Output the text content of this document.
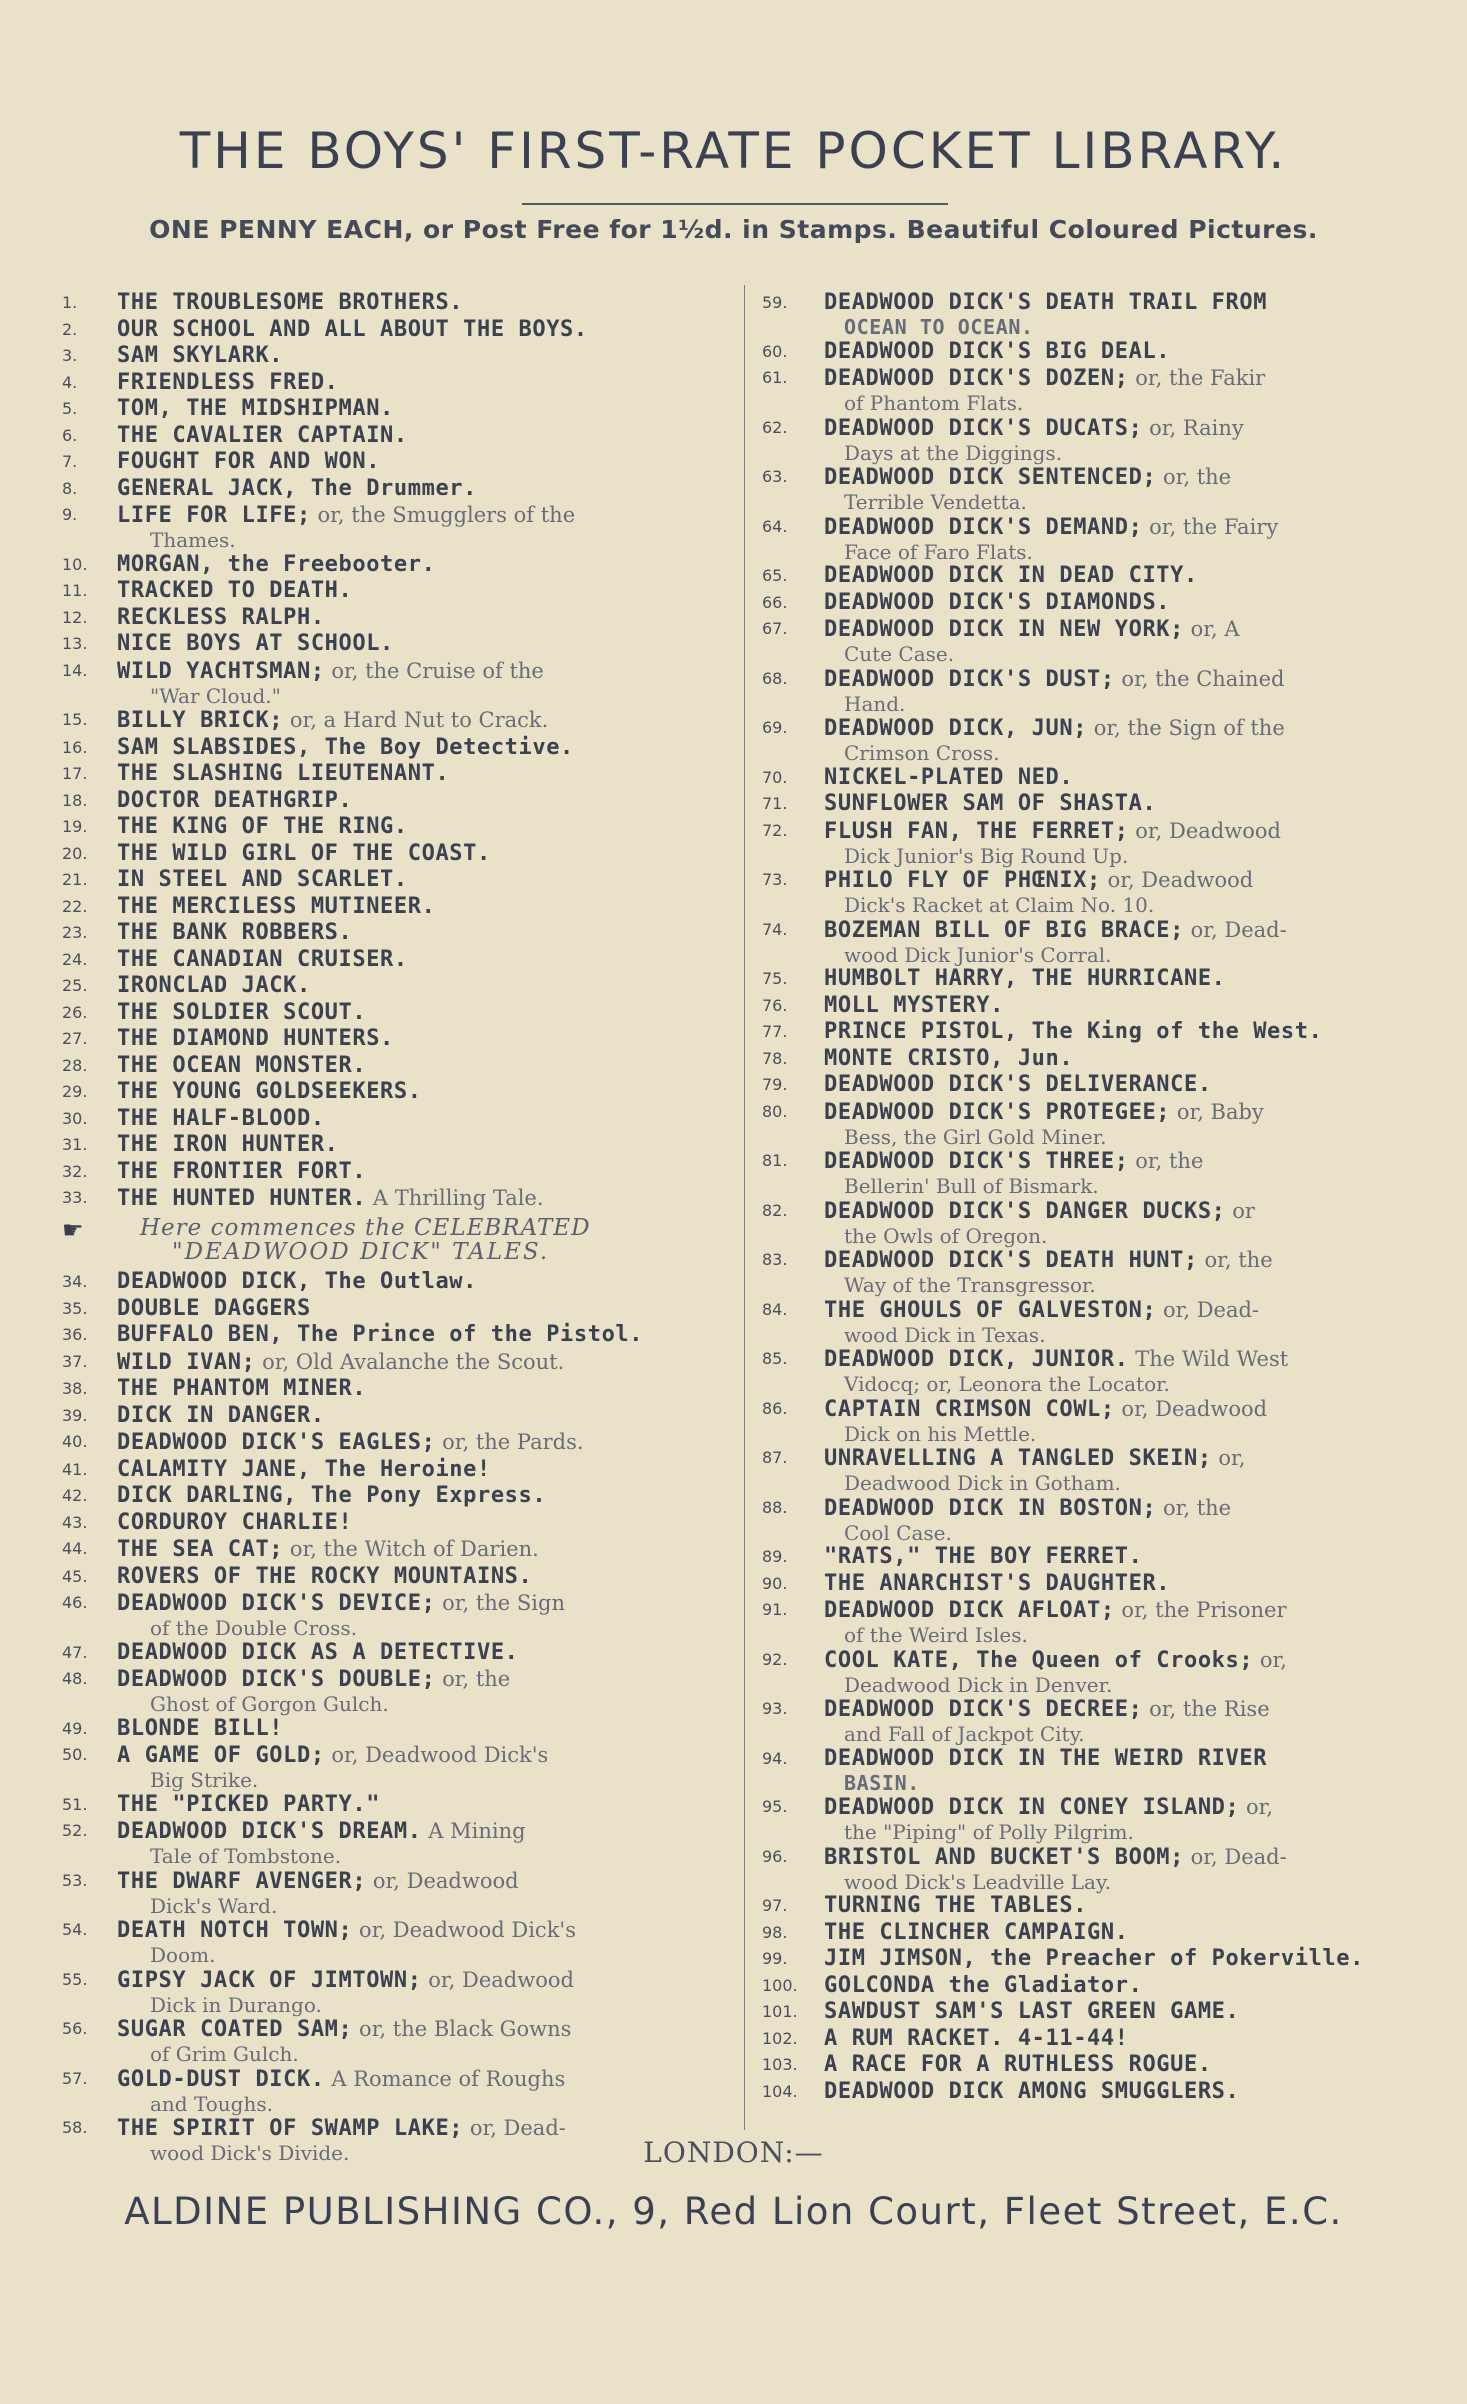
THE BOYS' FIRST-RATE POCKET LIBRARY.
ONE PENNY EACH, or Post Free for 1½d. in Stamps. Beautiful Coloured Pictures.
1. THE TROUBLESOME BROTHERS.
2. OUR SCHOOL AND ALL ABOUT THE BOYS.
3. SAM SKYLARK.
4. FRIENDLESS FRED.
5. TOM, THE MIDSHIPMAN.
6. THE CAVALIER CAPTAIN.
7. FOUGHT FOR AND WON.
8. GENERAL JACK, The Drummer.
9. LIFE FOR LIFE; or, the Smugglers of the
Thames.
10. MORGAN, the Freebooter.
11. TRACKED TO DEATH.
12. RECKLESS RALPH.
13. NICE BOYS AT SCHOOL.
14. WILD YACHTSMAN; or, the Cruise of the
"War Cloud."
15. BILLY BRICK; or, a Hard Nut to Crack.
16. SAM SLABSIDES, The Boy Detective.
17. THE SLASHING LIEUTENANT.
18. DOCTOR DEATHGRIP.
19. THE KING OF THE RING.
20. THE WILD GIRL OF THE COAST.
21. IN STEEL AND SCARLET.
22. THE MERCILESS MUTINEER.
23. THE BANK ROBBERS.
24. THE CANADIAN CRUISER.
25. IRONCLAD JACK.
26. THE SOLDIER SCOUT.
27. THE DIAMOND HUNTERS.
28. THE OCEAN MONSTER.
29. THE YOUNG GOLDSEEKERS.
30. THE HALF-BLOOD.
31. THE IRON HUNTER.
32. THE FRONTIER FORT.
33. THE HUNTED HUNTER. A Thrilling Tale.
☛ Here commences the CELEBRATED
"DEADWOOD DICK" TALES.
34. DEADWOOD DICK, The Outlaw.
35. DOUBLE DAGGERS
36. BUFFALO BEN, The Prince of the Pistol.
37. WILD IVAN; or, Old Avalanche the Scout.
38. THE PHANTOM MINER.
39. DICK IN DANGER.
40. DEADWOOD DICK'S EAGLES; or, the Pards.
41. CALAMITY JANE, The Heroine!
42. DICK DARLING, The Pony Express.
43. CORDUROY CHARLIE!
44. THE SEA CAT; or, the Witch of Darien.
45. ROVERS OF THE ROCKY MOUNTAINS.
46. DEADWOOD DICK'S DEVICE; or, the Sign
of the Double Cross.
47. DEADWOOD DICK AS A DETECTIVE.
48. DEADWOOD DICK'S DOUBLE; or, the
Ghost of Gorgon Gulch.
49. BLONDE BILL!
50. A GAME OF GOLD; or, Deadwood Dick's
Big Strike.
51. THE "PICKED PARTY."
52. DEADWOOD DICK'S DREAM. A Mining
Tale of Tombstone.
53. THE DWARF AVENGER; or, Deadwood
Dick's Ward.
54. DEATH NOTCH TOWN; or, Deadwood Dick's
Doom.
55. GIPSY JACK OF JIMTOWN; or, Deadwood
Dick in Durango.
56. SUGAR COATED SAM; or, the Black Gowns
of Grim Gulch.
57. GOLD-DUST DICK. A Romance of Roughs
and Toughs.
58. THE SPIRIT OF SWAMP LAKE; or, Dead-
wood Dick's Divide.
59. DEADWOOD DICK'S DEATH TRAIL FROM
OCEAN TO OCEAN.
60. DEADWOOD DICK'S BIG DEAL.
61. DEADWOOD DICK'S DOZEN; or, the Fakir
of Phantom Flats.
62. DEADWOOD DICK'S DUCATS; or, Rainy
Days at the Diggings.
63. DEADWOOD DICK SENTENCED; or, the
Terrible Vendetta.
64. DEADWOOD DICK'S DEMAND; or, the Fairy
Face of Faro Flats.
65. DEADWOOD DICK IN DEAD CITY.
66. DEADWOOD DICK'S DIAMONDS.
67. DEADWOOD DICK IN NEW YORK; or, A
Cute Case.
68. DEADWOOD DICK'S DUST; or, the Chained
Hand.
69. DEADWOOD DICK, JUN; or, the Sign of the
Crimson Cross.
70. NICKEL-PLATED NED.
71. SUNFLOWER SAM OF SHASTA.
72. FLUSH FAN, THE FERRET; or, Deadwood
Dick Junior's Big Round Up.
73. PHILO FLY OF PHŒNIX; or, Deadwood
Dick's Racket at Claim No. 10.
74. BOZEMAN BILL OF BIG BRACE; or, Dead-
wood Dick Junior's Corral.
75. HUMBOLT HARRY, THE HURRICANE.
76. MOLL MYSTERY.
77. PRINCE PISTOL, The King of the West.
78. MONTE CRISTO, Jun.
79. DEADWOOD DICK'S DELIVERANCE.
80. DEADWOOD DICK'S PROTEGEE; or, Baby
Bess, the Girl Gold Miner.
81. DEADWOOD DICK'S THREE; or, the
Bellerin' Bull of Bismark.
82. DEADWOOD DICK'S DANGER DUCKS; or
the Owls of Oregon.
83. DEADWOOD DICK'S DEATH HUNT; or, the
Way of the Transgressor.
84. THE GHOULS OF GALVESTON; or, Dead-
wood Dick in Texas.
85. DEADWOOD DICK, JUNIOR. The Wild West
Vidocq; or, Leonora the Locator.
86. CAPTAIN CRIMSON COWL; or, Deadwood
Dick on his Mettle.
87. UNRAVELLING A TANGLED SKEIN; or,
Deadwood Dick in Gotham.
88. DEADWOOD DICK IN BOSTON; or, the
Cool Case.
89. "RATS," THE BOY FERRET.
90. THE ANARCHIST'S DAUGHTER.
91. DEADWOOD DICK AFLOAT; or, the Prisoner
of the Weird Isles.
92. COOL KATE, The Queen of Crooks; or,
Deadwood Dick in Denver.
93. DEADWOOD DICK'S DECREE; or, the Rise
and Fall of Jackpot City.
94. DEADWOOD DICK IN THE WEIRD RIVER
BASIN.
95. DEADWOOD DICK IN CONEY ISLAND; or,
the "Piping" of Polly Pilgrim.
96. BRISTOL AND BUCKET'S BOOM; or, Dead-
wood Dick's Leadville Lay.
97. TURNING THE TABLES.
98. THE CLINCHER CAMPAIGN.
99. JIM JIMSON, the Preacher of Pokerville.
100. GOLCONDA the Gladiator.
101. SAWDUST SAM'S LAST GREEN GAME.
102. A RUM RACKET. 4-11-44!
103. A RACE FOR A RUTHLESS ROGUE.
104. DEADWOOD DICK AMONG SMUGGLERS.
LONDON:—
ALDINE PUBLISHING CO., 9, Red Lion Court, Fleet Street, E.C.
